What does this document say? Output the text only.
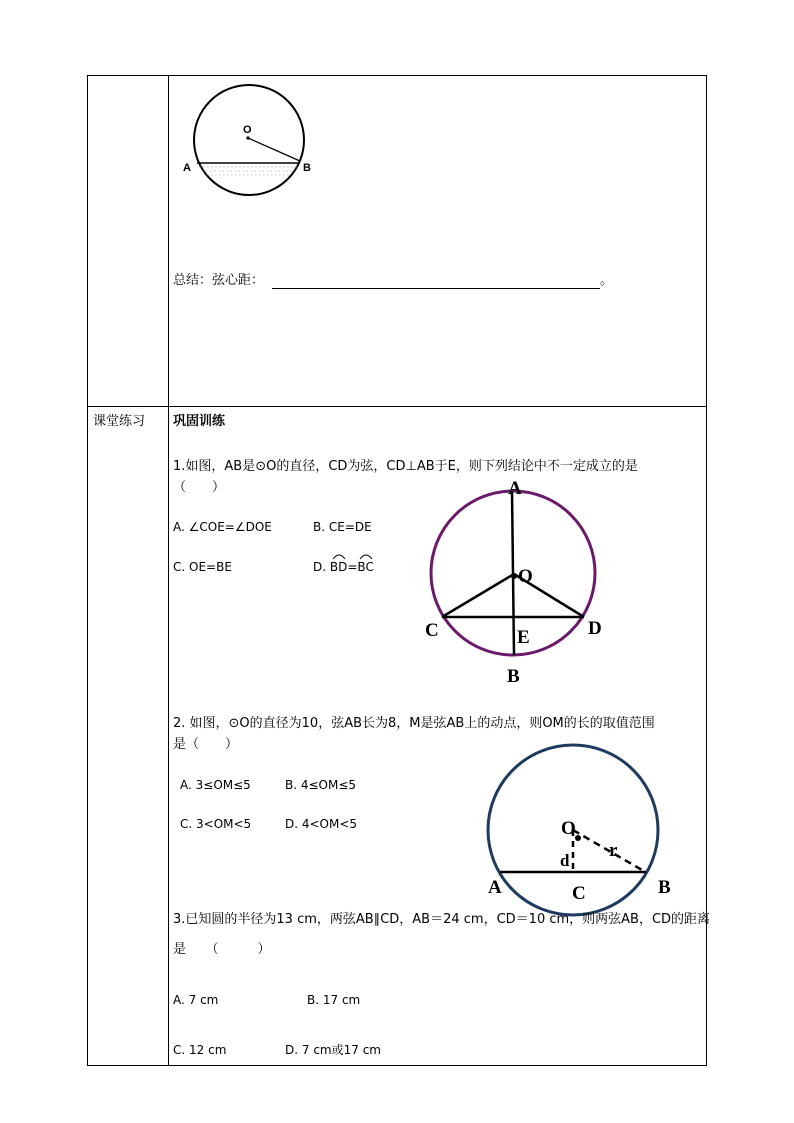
O
A	B
总结：弦心距：	。
课堂练习 巩固训练
1.如图，AB是⊙O的直径，CD为弦，CD⊥AB于E，则下列结论中不一定成立的是
（　　）
A. ∠COE=∠DOE	B. CE=DE
C. OE=BE	D. BD
=BC
A
O
C	D
E
B
2. 如图，⊙O的直径为10，弦AB长为8，M是弦AB上的动点，则OM的长的取值范围
是（　　）
A. 3≤OM≤5	B. 4≤OM≤5
C. 3<OM<5	D. 4<OM<5	O
d r
A	C	B
3.已知圆的半径为13 cm，两弦AB∥CD，AB＝24 cm，CD＝10 cm，则两弦AB，CD的距离
是　　（　　　）
A. 7 cm	B. 17 cm
C. 12 cm	D. 7 cm或17 cm
